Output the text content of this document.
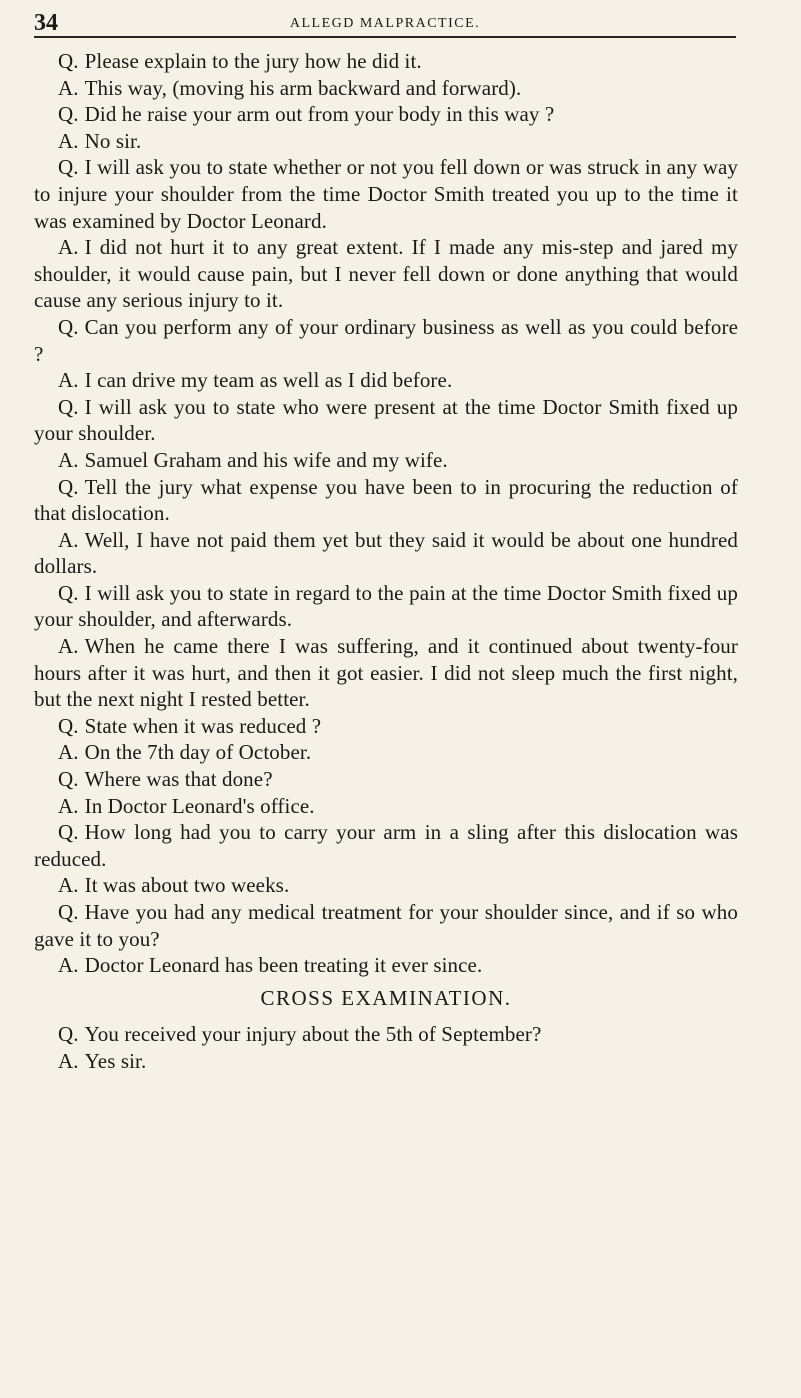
34	ALLEGD MALPRACTICE.

Q. Please explain to the jury how he did it.

A. This way, (moving his arm backward and forward).

Q. Did he raise your arm out from your body in this way ?

A. No sir.

Q. I will ask you to state whether or not you fell down or was struck in any way to injure your shoulder from the time Doctor Smith treated you up to the time it was examined by Doctor Leonard.

A. I did not hurt it to any great extent. If I made any mis-step and jared my shoulder, it would cause pain, but I never fell down or done anything that would cause any serious injury to it.

Q. Can you perform any of your ordinary business as well as you could before ?

A. I can drive my team as well as I did before.

Q. I will ask you to state who were present at the time Doctor Smith fixed up your shoulder.

A. Samuel Graham and his wife and my wife.

Q. Tell the jury what expense you have been to in procuring the reduction of that dislocation.

A. Well, I have not paid them yet but they said it would be about one hundred dollars.

Q. I will ask you to state in regard to the pain at the time Doctor Smith fixed up your shoulder, and afterwards.

A. When he came there I was suffering, and it continued about twenty-four hours after it was hurt, and then it got easier. I did not sleep much the first night, but the next night I rested better.

Q. State when it was reduced ?

A. On the 7th day of October.

Q. Where was that done?

A. In Doctor Leonard's office.

Q. How long had you to carry your arm in a sling after this dislocation was reduced.

A. It was about two weeks.

Q. Have you had any medical treatment for your shoulder since, and if so who gave it to you?

A. Doctor Leonard has been treating it ever since.

CROSS EXAMINATION.

Q. You received your injury about the 5th of September?

A. Yes sir.
